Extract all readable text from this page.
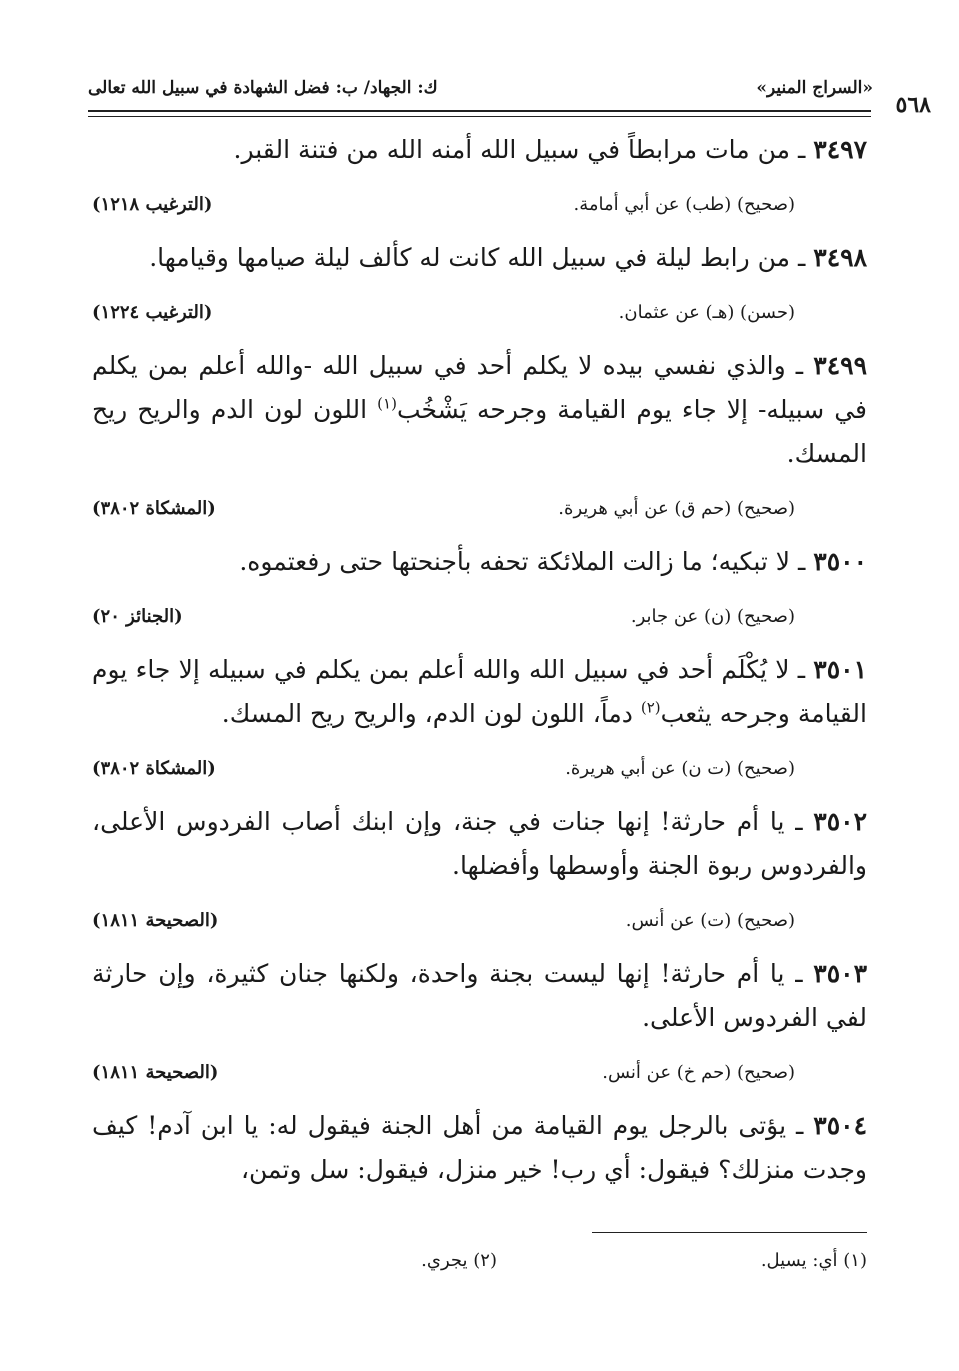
٥٦٨
«السراج المنير»
ك: الجهاد/ ب: فضل الشهادة في سبيل الله تعالى

٣٤٩٧ ـ من مات مرابطاً في سبيل الله أمنه الله من فتنة القبر.

(صحيح) (طب) عن أبي أمامة.
(الترغيب ١٢١٨)

٣٤٩٨ ـ من رابط ليلة في سبيل الله كانت له كألف ليلة صيامها وقيامها.

(حسن) (هـ) عن عثمان.
(الترغيب ١٢٢٤)

٣٤٩٩ ـ والذي نفسي بيده لا يكلم أحد في سبيل الله -والله أعلم بمن يكلم في سبيله- إلا جاء يوم القيامة وجرحه يَشْخُب$^{(١)}$ اللون لون الدم والريح ريح المسك.

(صحيح) (حم ق) عن أبي هريرة.
(المشكاة ٣٨٠٢)

٣٥٠٠ ـ لا تبكيه؛ ما زالت الملائكة تحفه بأجنحتها حتى رفعتموه.

(صحيح) (ن) عن جابر.
(الجنائز ٢٠)

٣٥٠١ ـ لا يُكْلَم أحد في سبيل الله والله أعلم بمن يكلم في سبيله إلا جاء يوم القيامة وجرحه يثعب$^{(٢)}$ دماً، اللون لون الدم، والريح ريح المسك.

(صحيح) (ت ن) عن أبي هريرة.
(المشكاة ٣٨٠٢)

٣٥٠٢ ـ يا أم حارثة! إنها جنات في جنة، وإن ابنك أصاب الفردوس الأعلى، والفردوس ربوة الجنة وأوسطها وأفضلها.

(صحيح) (ت) عن أنس.
(الصحيحة ١٨١١)

٣٥٠٣ ـ يا أم حارثة! إنها ليست بجنة واحدة، ولكنها جنان كثيرة، وإن حارثة لفي الفردوس الأعلى.

(صحيح) (حم خ) عن أنس.
(الصحيحة ١٨١١)

٣٥٠٤ ـ يؤتى بالرجل يوم القيامة من أهل الجنة فيقول له: يا ابن آدم! كيف وجدت منزلك؟ فيقول: أي رب! خير منزل، فيقول: سل وتمن،

(١) أي: يسيل.
(٢) يجري.
